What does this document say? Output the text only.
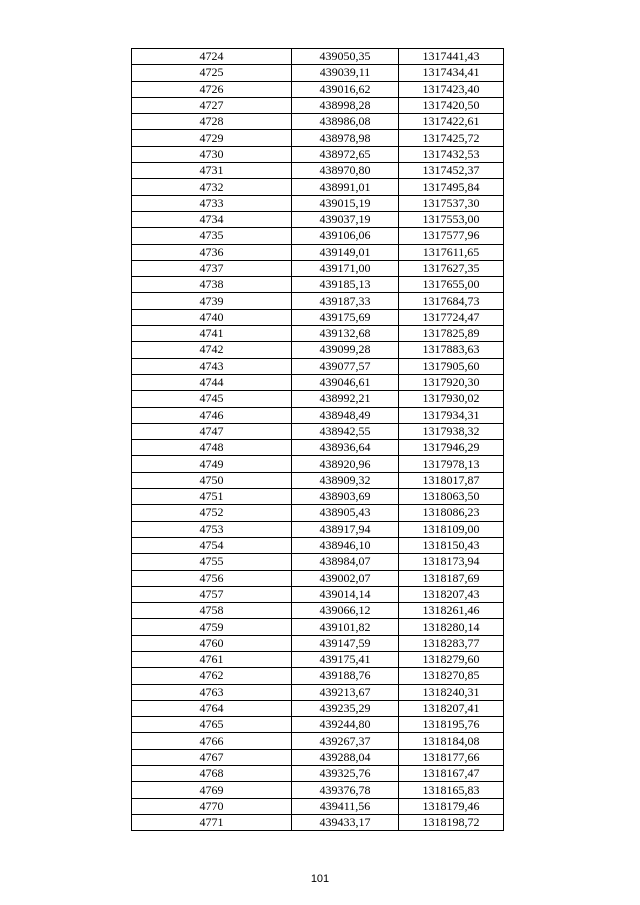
4724	439050,35	1317441,43
4725	439039,11	1317434,41
4726	439016,62	1317423,40
4727	438998,28	1317420,50
4728	438986,08	1317422,61
4729	438978,98	1317425,72
4730	438972,65	1317432,53
4731	438970,80	1317452,37
4732	438991,01	1317495,84
4733	439015,19	1317537,30
4734	439037,19	1317553,00
4735	439106,06	1317577,96
4736	439149,01	1317611,65
4737	439171,00	1317627,35
4738	439185,13	1317655,00
4739	439187,33	1317684,73
4740	439175,69	1317724,47
4741	439132,68	1317825,89
4742	439099,28	1317883,63
4743	439077,57	1317905,60
4744	439046,61	1317920,30
4745	438992,21	1317930,02
4746	438948,49	1317934,31
4747	438942,55	1317938,32
4748	438936,64	1317946,29
4749	438920,96	1317978,13
4750	438909,32	1318017,87
4751	438903,69	1318063,50
4752	438905,43	1318086,23
4753	438917,94	1318109,00
4754	438946,10	1318150,43
4755	438984,07	1318173,94
4756	439002,07	1318187,69
4757	439014,14	1318207,43
4758	439066,12	1318261,46
4759	439101,82	1318280,14
4760	439147,59	1318283,77
4761	439175,41	1318279,60
4762	439188,76	1318270,85
4763	439213,67	1318240,31
4764	439235,29	1318207,41
4765	439244,80	1318195,76
4766	439267,37	1318184,08
4767	439288,04	1318177,66
4768	439325,76	1318167,47
4769	439376,78	1318165,83
4770	439411,56	1318179,46
4771	439433,17	1318198,72
101
